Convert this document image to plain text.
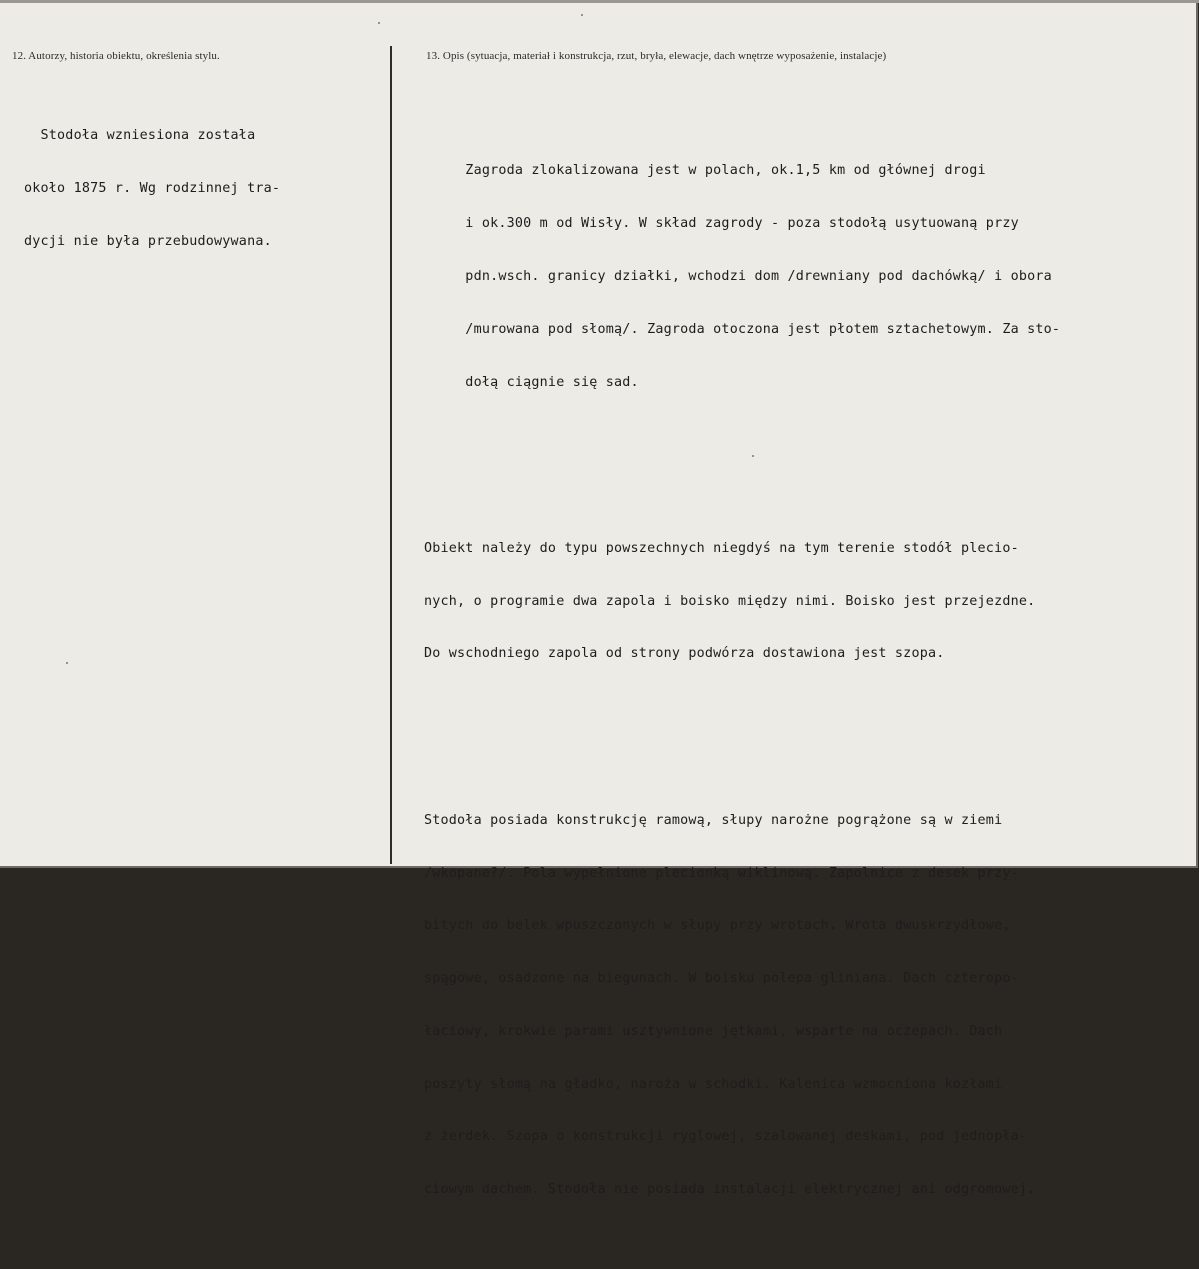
12. Autorzy, historia obiektu, określenia stylu.	13. Opis (sytuacja, materiał i konstrukcja, rzut, bryła, elewacje, dach wnętrze wyposażenie, instalacje)

Stodoła wzniesiona została

około 1875 r. Wg rodzinnej tra-

dycji nie była przebudowywana.

Zagroda zlokalizowana jest w polach, ok.1,5 km od głównej drogi

i ok.300 m od Wisły. W skład zagrody - poza stodołą usytuowaną przy

pdn.wsch. granicy działki, wchodzi dom /drewniany pod dachówką/ i obora

/murowana pod słomą/. Zagroda otoczona jest płotem sztachetowym. Za sto-

dołą ciągnie się sad.

Obiekt należy do typu powszechnych niegdyś na tym terenie stodół plecio-

nych, o programie dwa zapola i boisko między nimi. Boisko jest przejezdne.

Do wschodniego zapola od strony podwórza dostawiona jest szopa.

Stodoła posiada konstrukcję ramową, słupy narożne pogrążone są w ziemi

/wkopane?/. Pola wypełnione plecionką wiklinową. Zapolnice z desek przy-

bitych do belek wpuszczonych w słupy przy wrotach. Wrota dwuskrzydłowe,

spągowe, osadzone na biegunach. W boisku polepa gliniana. Dach czteropo-

łaciowy, krokwie parami usztywnione jętkami, wsparte na oczepach. Dach

poszyty słomą na gładko, naroża w schodki. Kalenica wzmocniona kozłami

z żerdek. Szopa o konstrukcji ryglowej, szalowanej deskami, pod jednopła-

ciowym dachem. Stodoła nie posiada instalacji elektrycznej ani odgromowej.
